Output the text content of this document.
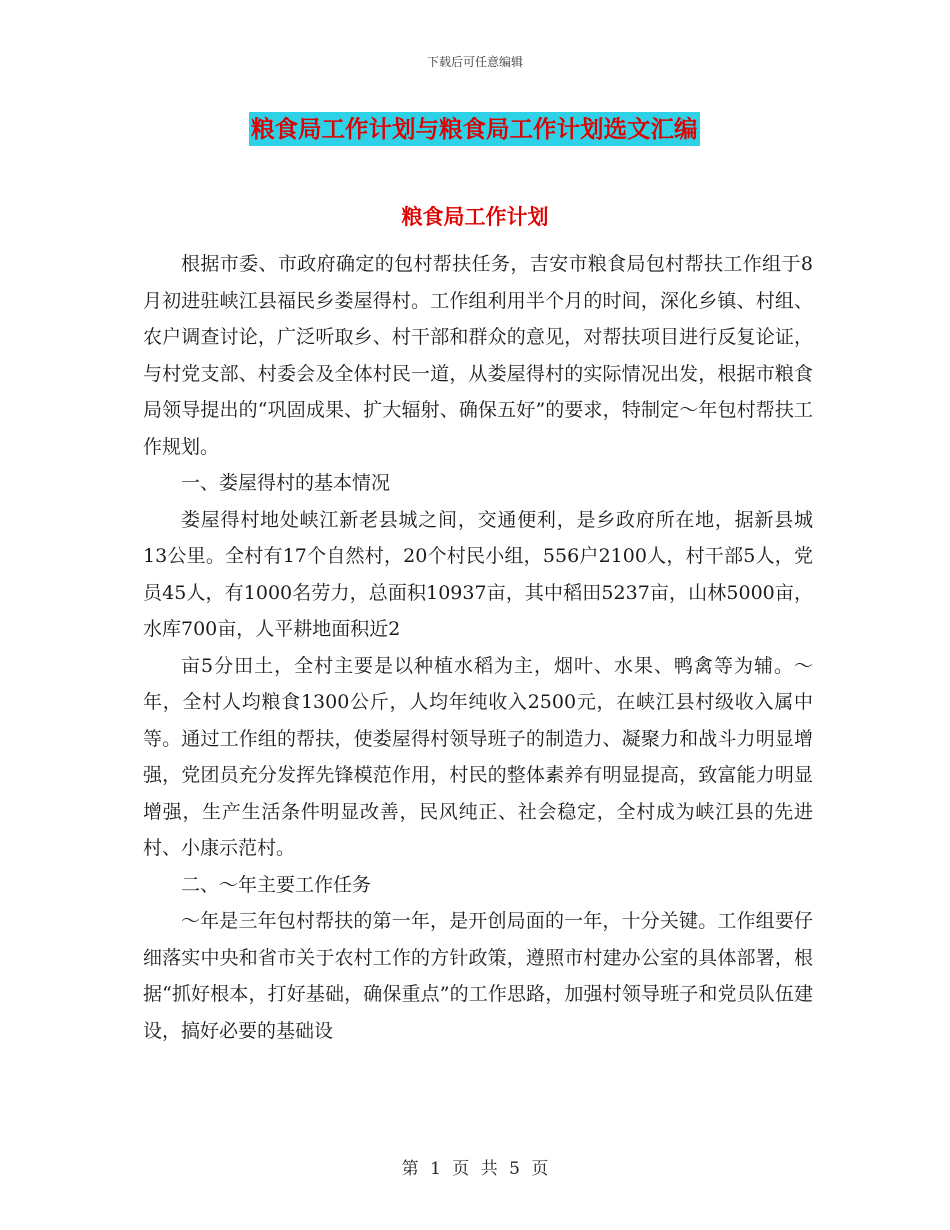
下载后可任意编辑
粮食局工作计划与粮食局工作计划选文汇编
粮食局工作计划

根据市委、市政府确定的包村帮扶任务，吉安市粮食局包村帮扶工作组于8月初进驻峡江县福民乡娄屋得村。工作组利用半个月的时间，深化乡镇、村组、农户调查讨论，广泛听取乡、村干部和群众的意见，对帮扶项目进行反复论证，与村党支部、村委会及全体村民一道，从娄屋得村的实际情况出发，根据市粮食局领导提出的“巩固成果、扩大辐射、确保五好”的要求，特制定～年包村帮扶工作规划。

一、娄屋得村的基本情况

娄屋得村地处峡江新老县城之间，交通便利，是乡政府所在地，据新县城13公里。全村有17个自然村，20个村民小组，556户2100人，村干部5人，党员45人，有1000名劳力，总面积10937亩，其中稻田5237亩，山林5000亩，水库700亩，人平耕地面积近2

亩5分田土，全村主要是以种植水稻为主，烟叶、水果、鸭禽等为辅。～年，全村人均粮食1300公斤，人均年纯收入2500元，在峡江县村级收入属中等。通过工作组的帮扶，使娄屋得村领导班子的制造力、凝聚力和战斗力明显增强，党团员充分发挥先锋模范作用，村民的整体素养有明显提高，致富能力明显增强，生产生活条件明显改善，民风纯正、社会稳定，全村成为峡江县的先进村、小康示范村。

二、～年主要工作任务

～年是三年包村帮扶的第一年，是开创局面的一年，十分关键。工作组要仔细落实中央和省市关于农村工作的方针政策，遵照市村建办公室的具体部署，根据“抓好根本，打好基础，确保重点”的工作思路，加强村领导班子和党员队伍建设，搞好必要的基础设

第 1 页 共 5 页
